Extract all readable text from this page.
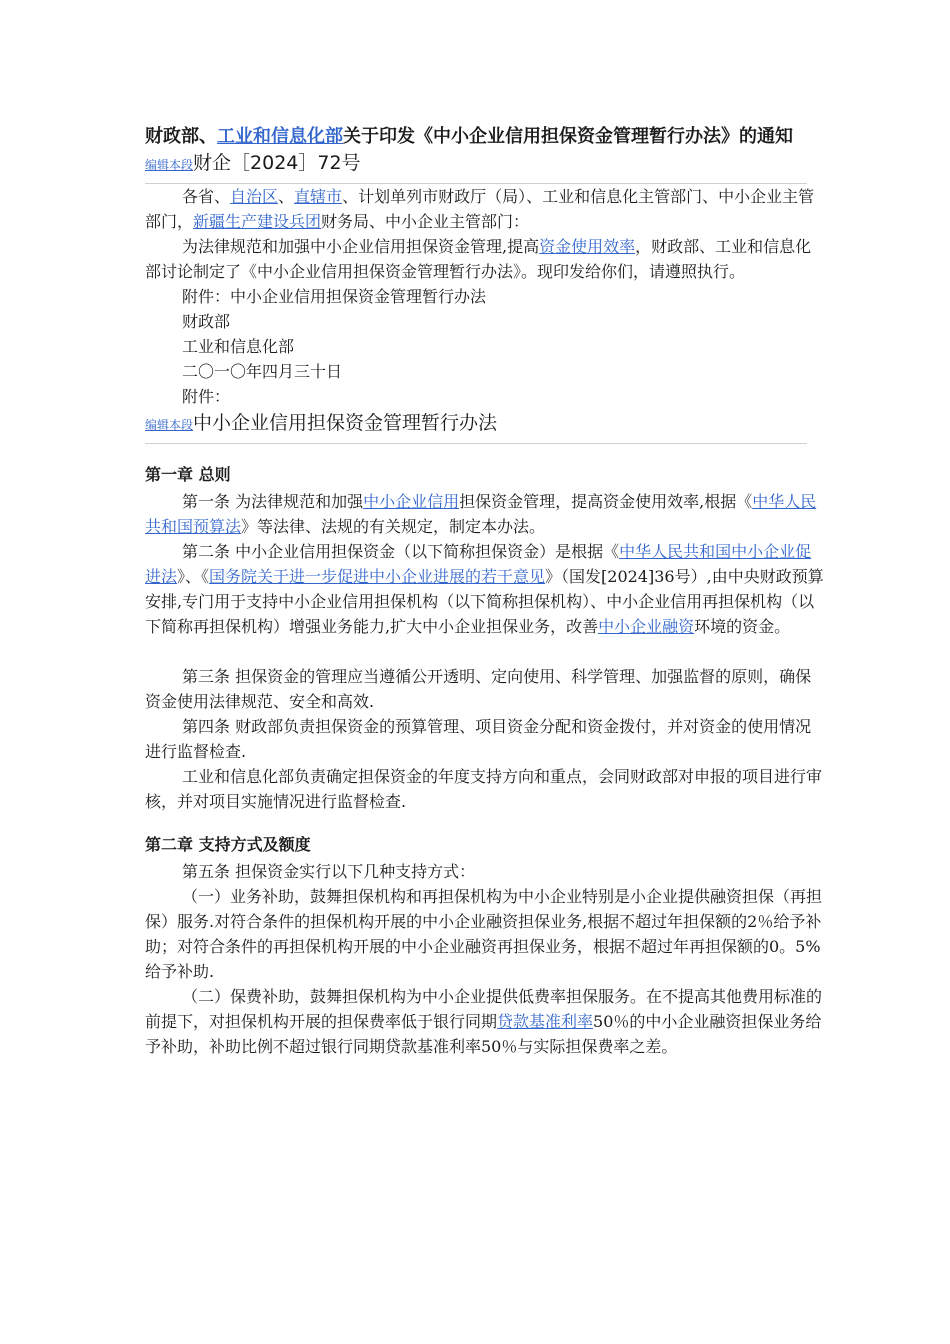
财政部、工业和信息化部关于印发《中小企业信用担保资金管理暂行办法》的通知
编辑本段财企［2024］72号

各省、自治区、直辖市、计划单列市财政厅（局）、工业和信息化主管部门、中小企业主管部门，新疆生产建设兵团财务局、中小企业主管部门：

为法律规范和加强中小企业信用担保资金管理,提高资金使用效率，财政部、工业和信息化部讨论制定了《中小企业信用担保资金管理暂行办法》。现印发给你们，请遵照执行。

附件：中小企业信用担保资金管理暂行办法

财政部

工业和信息化部

二〇一〇年四月三十日

附件：

编辑本段中小企业信用担保资金管理暂行办法
第一章 总则

第一条 为法律规范和加强中小企业信用担保资金管理，提高资金使用效率,根据《中华人民共和国预算法》等法律、法规的有关规定，制定本办法。

第二条 中小企业信用担保资金（以下简称担保资金）是根据《中华人民共和国中小企业促进法》、《国务院关于进一步促进中小企业进展的若干意见》（国发[2024]36号）,由中央财政预算安排,专门用于支持中小企业信用担保机构（以下简称担保机构）、中小企业信用再担保机构（以下简称再担保机构）增强业务能力,扩大中小企业担保业务，改善中小企业融资环境的资金。

第三条 担保资金的管理应当遵循公开透明、定向使用、科学管理、加强监督的原则，确保资金使用法律规范、安全和高效.

第四条 财政部负责担保资金的预算管理、项目资金分配和资金拨付，并对资金的使用情况进行监督检查.

工业和信息化部负责确定担保资金的年度支持方向和重点，会同财政部对申报的项目进行审核，并对项目实施情况进行监督检查.

第二章 支持方式及额度

第五条 担保资金实行以下几种支持方式：

（一）业务补助，鼓舞担保机构和再担保机构为中小企业特别是小企业提供融资担保（再担保）服务.对符合条件的担保机构开展的中小企业融资担保业务,根据不超过年担保额的2％给予补助；对符合条件的再担保机构开展的中小企业融资再担保业务，根据不超过年再担保额的0。5%给予补助.

（二）保费补助，鼓舞担保机构为中小企业提供低费率担保服务。在不提高其他费用标准的前提下，对担保机构开展的担保费率低于银行同期贷款基准利率50％的中小企业融资担保业务给予补助，补助比例不超过银行同期贷款基准利率50％与实际担保费率之差。
